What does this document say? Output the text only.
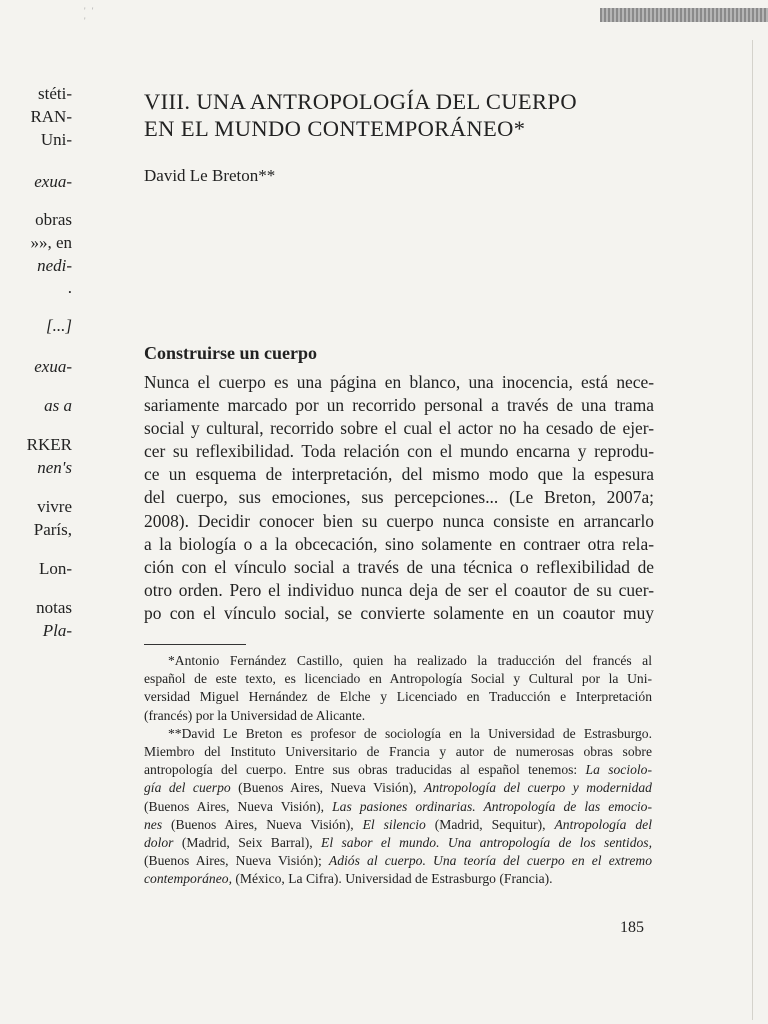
' ' '
stéti-
RAN-
Uni-
exua-
obras
»», en
nedi-
.
[...]
exua-
as a
RKER
nen's
vivre
París,
Lon-
notas
Pla-
VIII. UNA ANTROPOLOGÍA DEL CUERPO
EN EL MUNDO CONTEMPORÁNEO*
David Le Breton**
Construirse un cuerpo
Nunca el cuerpo es una página en blanco, una inocencia, está nece-
sariamente marcado por un recorrido personal a través de una trama
social y cultural, recorrido sobre el cual el actor no ha cesado de ejer-
cer su reflexibilidad. Toda relación con el mundo encarna y reprodu-
ce un esquema de interpretación, del mismo modo que la espesura
del cuerpo, sus emociones, sus percepciones... (Le Breton, 2007a;
2008). Decidir conocer bien su cuerpo nunca consiste en arrancarlo
a la biología o a la obcecación, sino solamente en contraer otra rela-
ción con el vínculo social a través de una técnica o reflexibilidad de
otro orden. Pero el individuo nunca deja de ser el coautor de su cuer-
po con el vínculo social, se convierte solamente en un coautor muy
*Antonio Fernández Castillo, quien ha realizado la traducción del francés al
español de este texto, es licenciado en Antropología Social y Cultural por la Uni-
versidad Miguel Hernández de Elche y Licenciado en Traducción e Interpretación
(francés) por la Universidad de Alicante.
**David Le Breton es profesor de sociología en la Universidad de Estrasburgo.
Miembro del Instituto Universitario de Francia y autor de numerosas obras sobre
antropología del cuerpo. Entre sus obras traducidas al español tenemos: La sociolo-
gía del cuerpo (Buenos Aires, Nueva Visión), Antropología del cuerpo y modernidad
(Buenos Aires, Nueva Visión), Las pasiones ordinarias. Antropología de las emocio-
nes (Buenos Aires, Nueva Visión), El silencio (Madrid, Sequitur), Antropología del
dolor (Madrid, Seix Barral), El sabor el mundo. Una antropología de los sentidos,
(Buenos Aires, Nueva Visión); Adiós al cuerpo. Una teoría del cuerpo en el extremo
contemporáneo, (México, La Cifra). Universidad de Estrasburgo (Francia).
185
